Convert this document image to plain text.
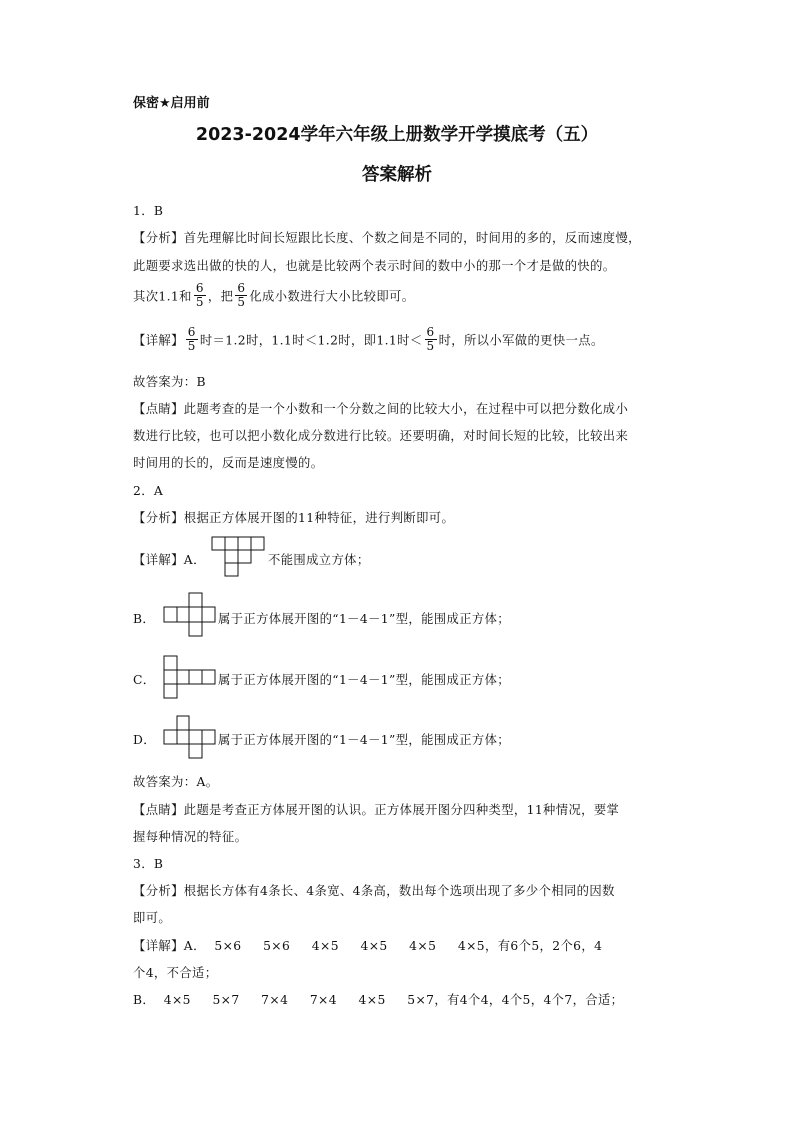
保密★启用前
2023-2024学年六年级上册数学开学摸底考（五）
答案解析
1．B
【分析】首先理解比时间长短跟比长度、个数之间是不同的，时间用的多的，反而速度慢，
此题要求选出做的快的人，也就是比较两个表示时间的数中小的那一个才是做的快的。
其次1.1和 $\frac{6}{5}$ ，把 $\frac{6}{5}$ 化成小数进行大小比较即可。
【详解】 $\frac{6}{5}$ 时＝1.2时，1.1时＜1.2时，即1.1时＜ $\frac{6}{5}$ 时，所以小军做的更快一点。
故答案为：B
【点睛】此题考查的是一个小数和一个分数之间的比较大小，在过程中可以把分数化成小
数进行比较，也可以把小数化成分数进行比较。还要明确，对时间长短的比较，比较出来
时间用的长的，反而是速度慢的。
2．A
【分析】根据正方体展开图的11种特征，进行判断即可。
【详解】A．	不能围成立方体；
B．	属于正方体展开图的“1－4－1”型，能围成正方体；
C．	属于正方体展开图的“1－4－1”型，能围成正方体；
D．	属于正方体展开图的“1－4－1”型，能围成正方体；
故答案为：A。
【点睛】此题是考查正方体展开图的认识。正方体展开图分四种类型，11种情况，要掌
握每种情况的特征。
3．B
【分析】根据长方体有4条长、4条宽、4条高，数出每个选项出现了多少个相同的因数
即可。
【详解】A．  5×6     5×6     4×5     4×5     4×5     4×5，有6个5，2个6，4
个4，不合适；
B．  4×5     5×7     7×4     7×4     4×5     5×7，有4个4，4个5，4个7，合适；
